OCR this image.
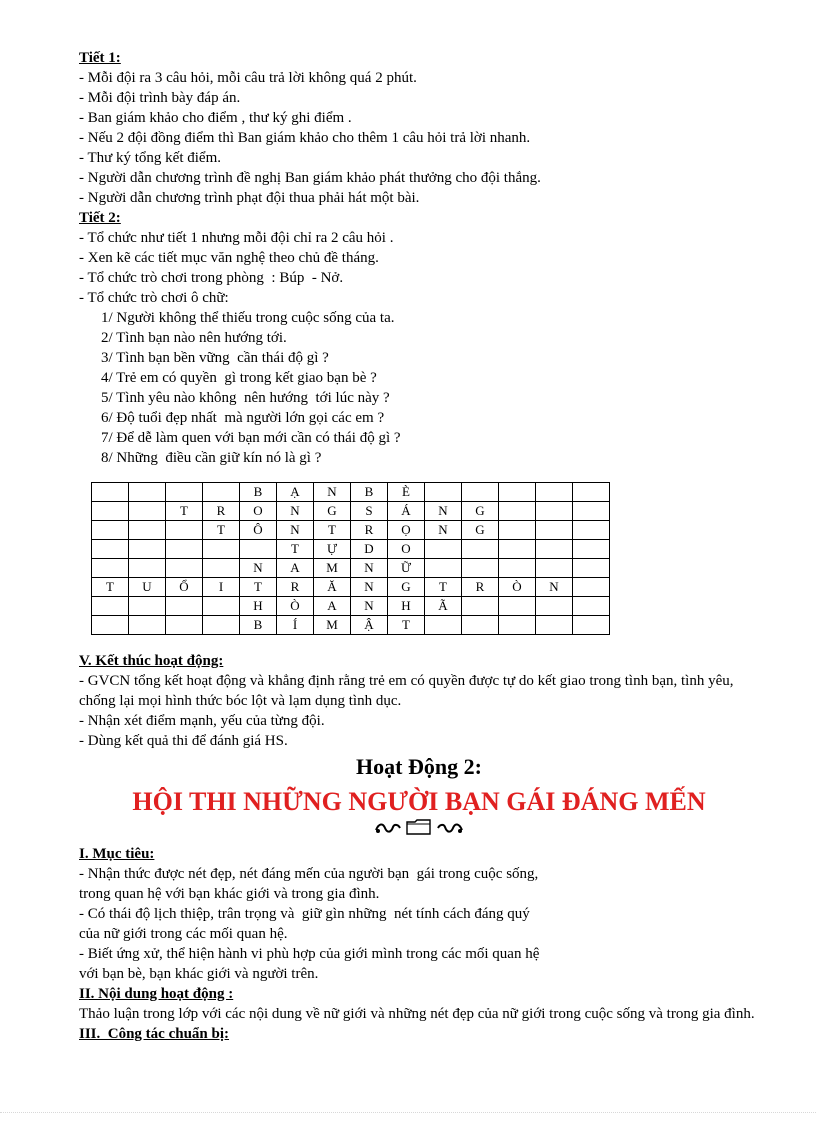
Tiết 1:
- Mỗi đội ra 3 câu hỏi, mỗi câu trả lời không quá 2 phút.
- Mỗi đội trình bày đáp án.
- Ban giám khảo cho điểm , thư ký ghi điểm .
- Nếu 2 đội đồng điểm thì Ban giám khảo cho thêm 1 câu hỏi trả lời nhanh.
- Thư ký tổng kết điểm.
- Người dẫn chương trình đề nghị Ban giám khảo phát thưởng cho đội thắng.
- Người dẫn chương trình phạt đội thua phải hát một bài.
Tiết 2:
- Tổ chức như tiết 1 nhưng mỗi đội chỉ ra 2 câu hỏi .
- Xen kẽ các tiết mục văn nghệ theo chủ đề tháng.
- Tổ chức trò chơi trong phòng  : Búp  - Nở.
- Tổ chức trò chơi ô chữ:
1/ Người không thể thiếu trong cuộc sống của ta.
2/ Tình bạn nào nên hướng tới.
3/ Tình bạn bền vững  cần thái độ gì ?
4/ Trẻ em có quyền  gì trong kết giao bạn bè ?
5/ Tình yêu nào không  nên hướng  tới lúc này ?
6/ Độ tuổi đẹp nhất  mà người lớn gọi các em ?
7/ Để dễ làm quen với bạn mới cần có thái độ gì ?
8/ Những  điều cần giữ kín nó là gì ?
				B	Ạ	N	B	È					
		T	R	O	N	G	S	Á	N	G			
			T	Ô	N	T	R	Ọ	N	G			
					T	Ự	D	O					
				N	A	M	N	Ữ					
T	U	Ổ	I	T	R	Ă	N	G	T	R	Ò	N	
				H	Ò	A	N	H	Ã				
				B	Í	M	Ậ	T					
V. Kết thúc hoạt động:
- GVCN tổng kết hoạt động và khẳng định rằng trẻ em có quyền được tự do kết giao trong tình bạn, tình yêu, chống lại mọi hình thức bóc lột và lạm dụng tình dục.
- Nhận xét điểm mạnh, yếu của từng đội.
- Dùng kết quả thi để đánh giá HS.
Hoạt Động 2:
HỘI THI NHỮNG NGƯỜI BẠN GÁI ĐÁNG MẾN

I. Mục tiêu:
- Nhận thức được nét đẹp, nét đáng mến của người bạn  gái trong cuộc sống,
trong quan hệ với bạn khác giới và trong gia đình.
- Có thái độ lịch thiệp, trân trọng và  giữ gìn những  nét tính cách đáng quý
của nữ giới trong các mối quan hệ.
- Biết ứng xử, thể hiện hành vi phù hợp của giới mình trong các mối quan hệ
với bạn bè, bạn khác giới và người trên.
II. Nội dung hoạt động :
Thảo luận trong lớp với các nội dung về nữ giới và những nét đẹp của nữ giới trong cuộc sống và trong gia đình.
III.  Công tác chuẩn bị:
